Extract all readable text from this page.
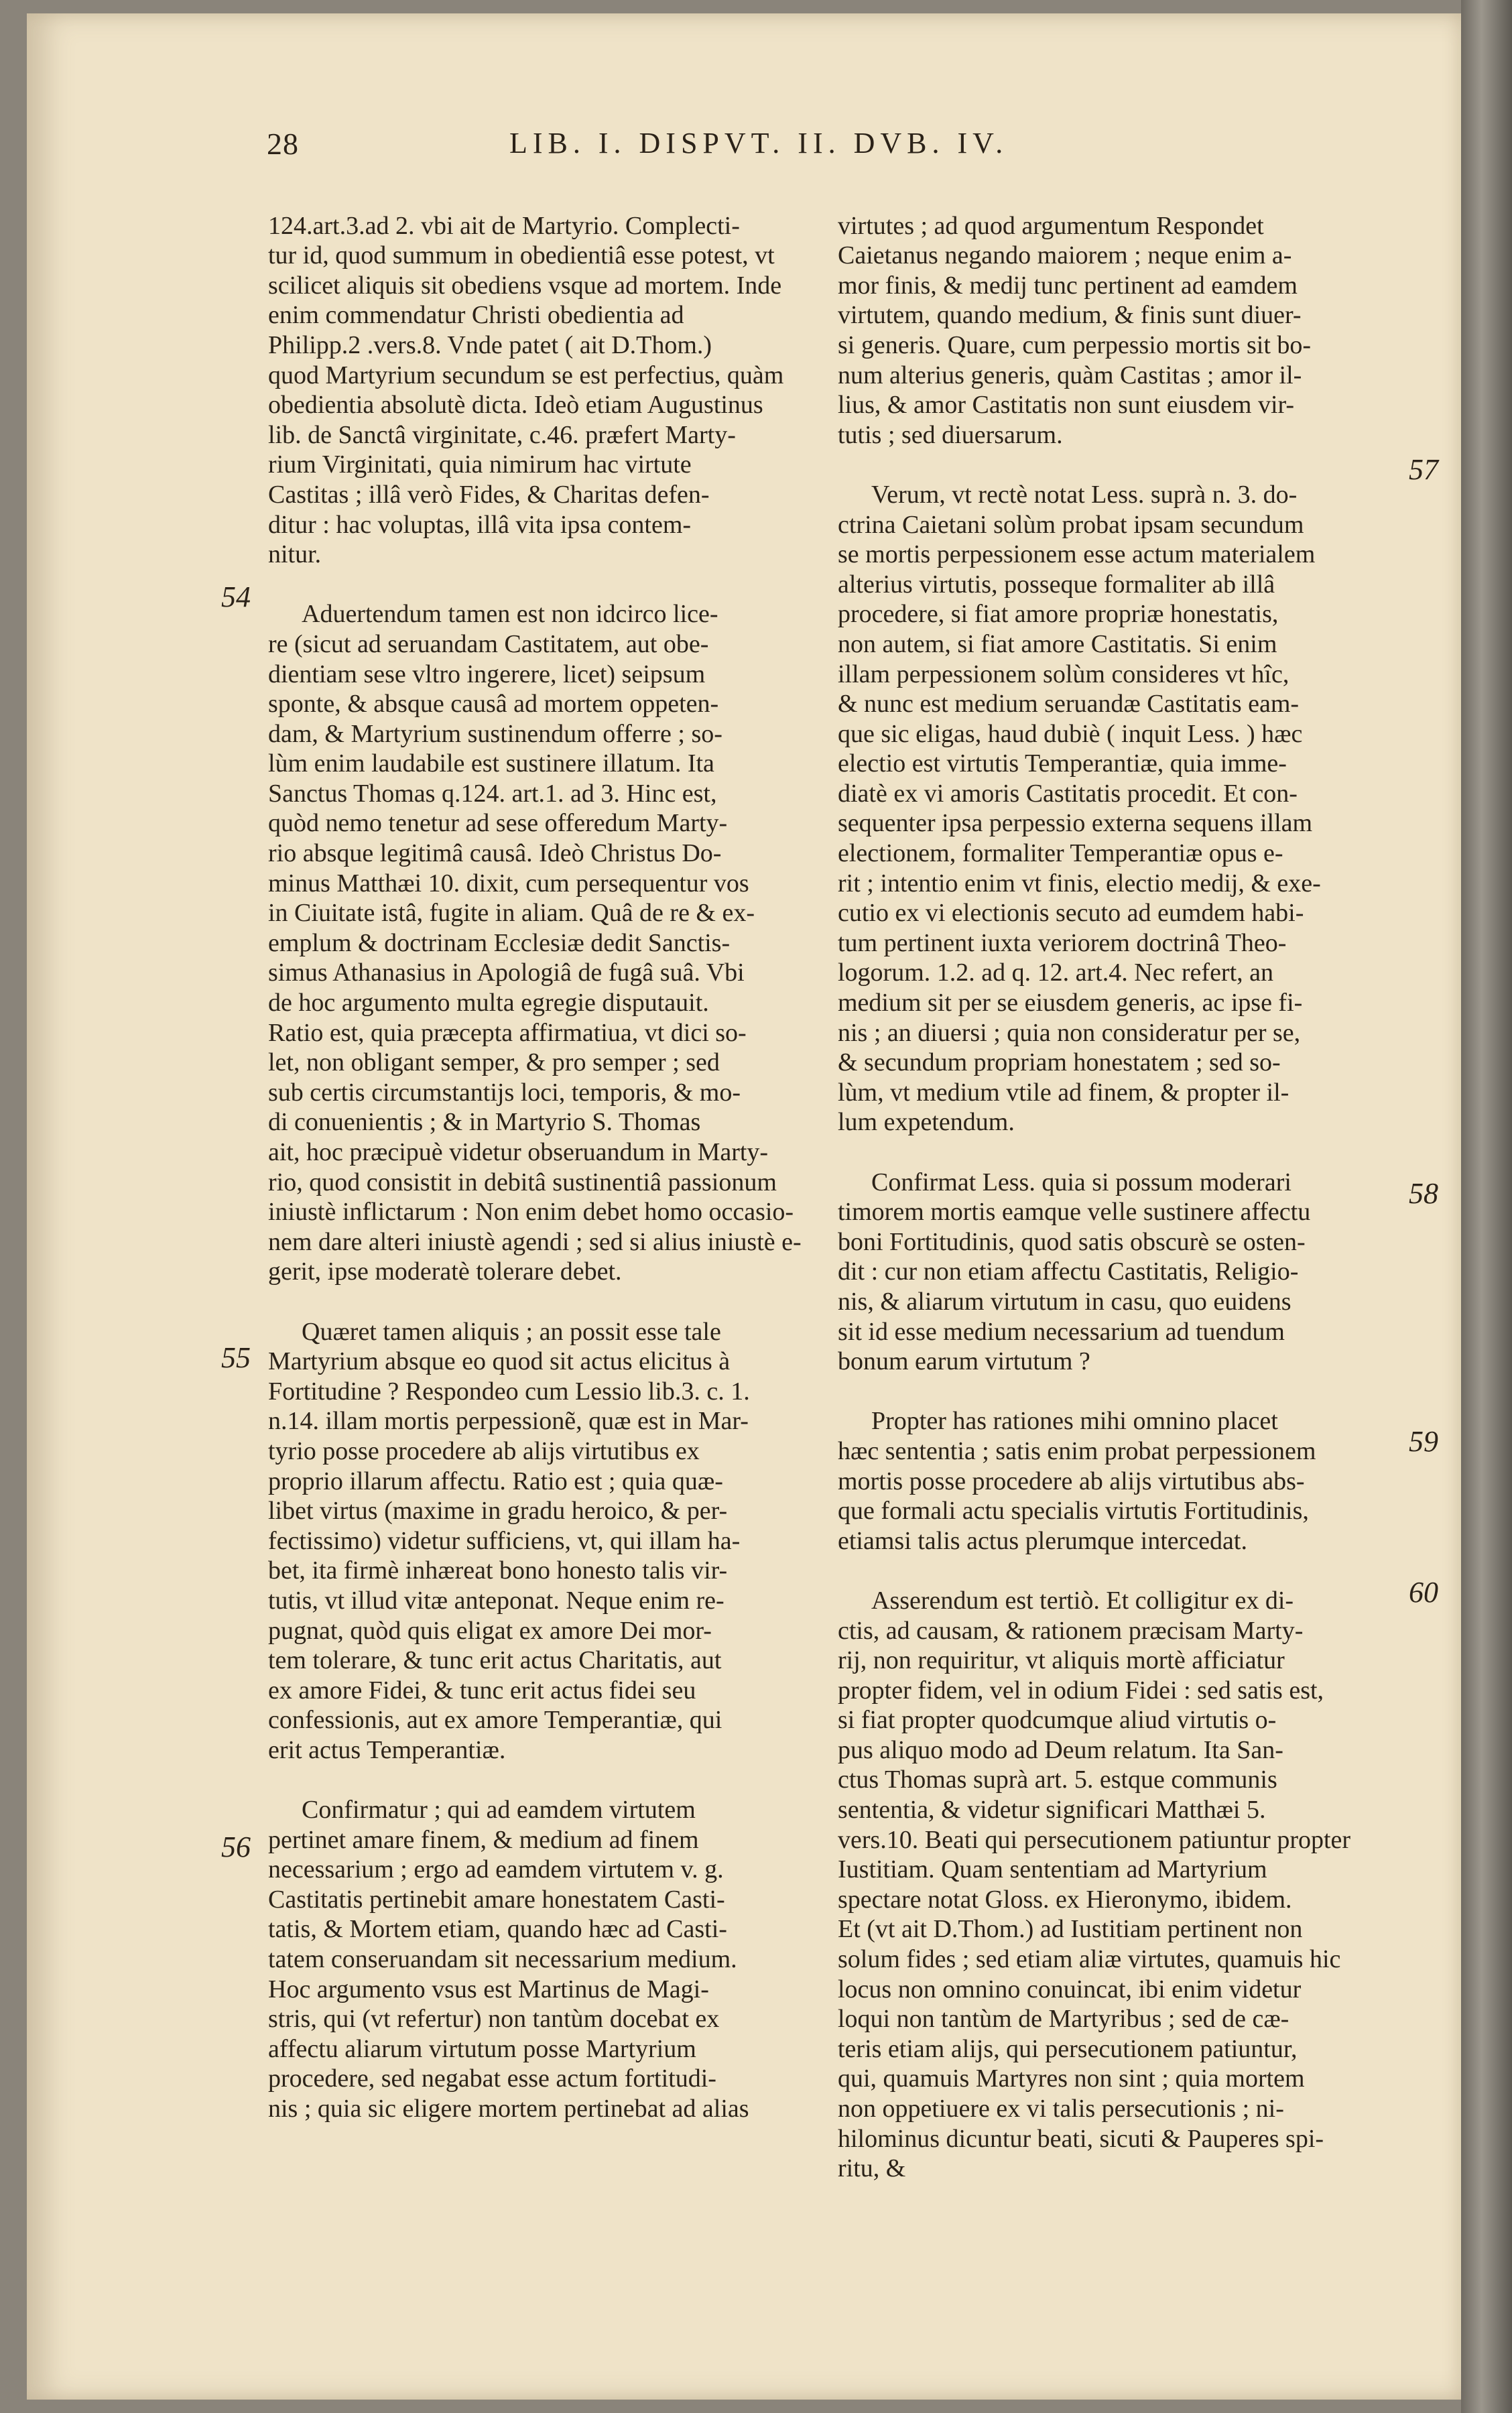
28	LIB. I. DISPVT. II. DVB. IV.

124.art.3.ad 2. vbi ait de Martyrio. Complecti-
tur id, quod summum in obedientiâ esse potest, vt
scilicet aliquis sit obediens vsque ad mortem. Inde
enim commendatur Christi obedientia ad
Philipp.2 .vers.8. Vnde patet ( ait D.Thom.)
quod Martyrium secundum se est perfectius, quàm
obedientia absolutè dicta. Ideò etiam Augustinus
lib. de Sanctâ virginitate, c.46. præfert Marty-
rium Virginitati, quia nimirum hac virtute
Castitas ; illâ verò Fides, & Charitas defen-
ditur : hac voluptas, illâ vita ipsa contem-
nitur.

Aduertendum tamen est non idcirco lice-
re (sicut ad seruandam Castitatem, aut obe-
dientiam sese vltro ingerere, licet) seipsum
sponte, & absque causâ ad mortem oppeten-
dam, & Martyrium sustinendum offerre ; so-
lùm enim laudabile est sustinere illatum. Ita
Sanctus Thomas q.124. art.1. ad 3. Hinc est,
quòd nemo tenetur ad sese offeredum Marty-
rio absque legitimâ causâ. Ideò Christus Do-
minus Matthæi 10. dixit, cum persequentur vos
in Ciuitate istâ, fugite in aliam. Quâ de re & ex-
emplum & doctrinam Ecclesiæ dedit Sanctis-
simus Athanasius in Apologiâ de fugâ suâ. Vbi
de hoc argumento multa egregie disputauit.
Ratio est, quia præcepta affirmatiua, vt dici so-
let, non obligant semper, & pro semper ; sed
sub certis circumstantijs loci, temporis, & mo-
di conuenientis ; & in Martyrio S. Thomas
ait, hoc præcipuè videtur obseruandum in Marty-
rio, quod consistit in debitâ sustinentiâ passionum
iniustè inflictarum : Non enim debet homo occasio-
nem dare alteri iniustè agendi ; sed si alius iniustè e-
gerit, ipse moderatè tolerare debet.

Quæret tamen aliquis ; an possit esse tale
Martyrium absque eo quod sit actus elicitus à
Fortitudine ? Respondeo cum Lessio lib.3. c. 1.
n.14. illam mortis perpessionẽ, quæ est in Mar-
tyrio posse procedere ab alijs virtutibus ex
proprio illarum affectu. Ratio est ; quia quæ-
libet virtus (maxime in gradu heroico, & per-
fectissimo) videtur sufficiens, vt, qui illam ha-
bet, ita firmè inhæreat bono honesto talis vir-
tutis, vt illud vitæ anteponat. Neque enim re-
pugnat, quòd quis eligat ex amore Dei mor-
tem tolerare, & tunc erit actus Charitatis, aut
ex amore Fidei, & tunc erit actus fidei seu
confessionis, aut ex amore Temperantiæ, qui
erit actus Temperantiæ.

Confirmatur ; qui ad eamdem virtutem
pertinet amare finem, & medium ad finem
necessarium ; ergo ad eamdem virtutem v. g.
Castitatis pertinebit amare honestatem Casti-
tatis, & Mortem etiam, quando hæc ad Casti-
tatem conseruandam sit necessarium medium.
Hoc argumento vsus est Martinus de Magi-
stris, qui (vt refertur) non tantùm docebat ex
affectu aliarum virtutum posse Martyrium
procedere, sed negabat esse actum fortitudi-
nis ; quia sic eligere mortem pertinebat ad alias

virtutes ; ad quod argumentum Respondet
Caietanus negando maiorem ; neque enim a-
mor finis, & medij tunc pertinent ad eamdem
virtutem, quando medium, & finis sunt diuer-
si generis. Quare, cum perpessio mortis sit bo-
num alterius generis, quàm Castitas ; amor il-
lius, & amor Castitatis non sunt eiusdem vir-
tutis ; sed diuersarum.

Verum, vt rectè notat Less. suprà n. 3. do-
ctrina Caietani solùm probat ipsam secundum
se mortis perpessionem esse actum materialem
alterius virtutis, posseque formaliter ab illâ
procedere, si fiat amore propriæ honestatis,
non autem, si fiat amore Castitatis. Si enim
illam perpessionem solùm consideres vt hîc,
& nunc est medium seruandæ Castitatis eam-
que sic eligas, haud dubiè ( inquit Less. ) hæc
electio est virtutis Temperantiæ, quia imme-
diatè ex vi amoris Castitatis procedit. Et con-
sequenter ipsa perpessio externa sequens illam
electionem, formaliter Temperantiæ opus e-
rit ; intentio enim vt finis, electio medij, & exe-
cutio ex vi electionis secuto ad eumdem habi-
tum pertinent iuxta veriorem doctrinâ Theo-
logorum. 1.2. ad q. 12. art.4. Nec refert, an
medium sit per se eiusdem generis, ac ipse fi-
nis ; an diuersi ; quia non consideratur per se,
& secundum propriam honestatem ; sed so-
lùm, vt medium vtile ad finem, & propter il-
lum expetendum.

Confirmat Less. quia si possum moderari
timorem mortis eamque velle sustinere affectu
boni Fortitudinis, quod satis obscurè se osten-
dit : cur non etiam affectu Castitatis, Religio-
nis, & aliarum virtutum in casu, quo euidens
sit id esse medium necessarium ad tuendum
bonum earum virtutum ?

Propter has rationes mihi omnino placet
hæc sententia ; satis enim probat perpessionem
mortis posse procedere ab alijs virtutibus abs-
que formali actu specialis virtutis Fortitudinis,
etiamsi talis actus plerumque intercedat.

Asserendum est tertiò. Et colligitur ex di-
ctis, ad causam, & rationem præcisam Marty-
rij, non requiritur, vt aliquis mortè afficiatur
propter fidem, vel in odium Fidei : sed satis est,
si fiat propter quodcumque aliud virtutis o-
pus aliquo modo ad Deum relatum. Ita San-
ctus Thomas suprà art. 5. estque communis
sententia, & videtur significari Matthæi 5.
vers.10. Beati qui persecutionem patiuntur propter
Iustitiam. Quam sententiam ad Martyrium
spectare notat Gloss. ex Hieronymo, ibidem.
Et (vt ait D.Thom.) ad Iustitiam pertinent non
solum fides ; sed etiam aliæ virtutes, quamuis hic
locus non omnino conuincat, ibi enim videtur
loqui non tantùm de Martyribus ; sed de cæ-
teris etiam alijs, qui persecutionem patiuntur,
qui, quamuis Martyres non sint ; quia mortem
non oppetiuere ex vi talis persecutionis ; ni-
hilominus dicuntur beati, sicuti & Pauperes spi-
ritu, &

54
55
56
57
58
59
60
